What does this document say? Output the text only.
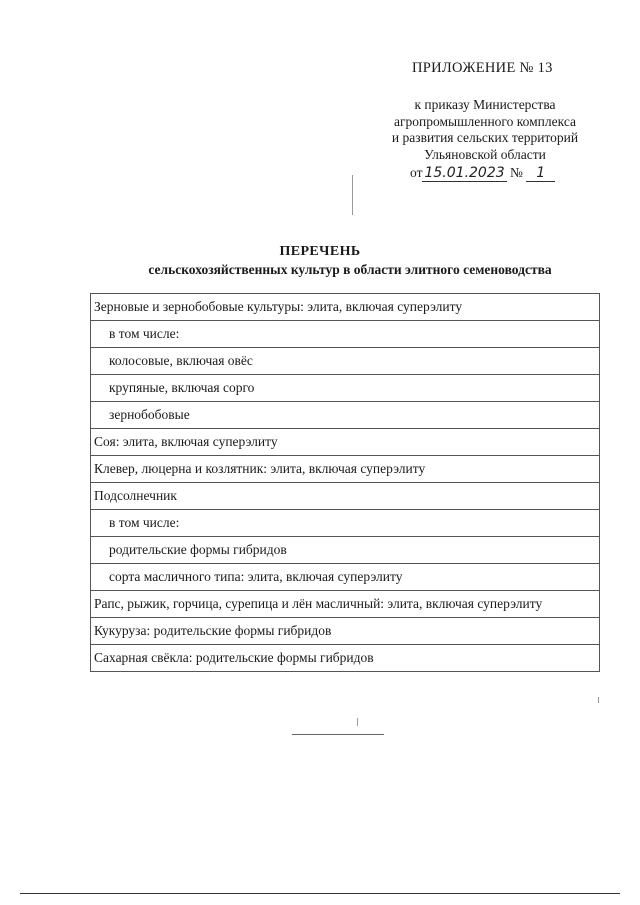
ПРИЛОЖЕНИЕ № 13
к приказу Министерства
агропромышленного комплекса
и развития сельских территорий
Ульяновской области
от 15.01.2023 № 1
ПЕРЕЧЕНЬ
сельскохозяйственных культур в области элитного семеноводства
Зерновые и зернобобовые культуры: элита, включая суперэлиту
в том числе:
колосовые, включая овёс
крупяные, включая сорго
зернобобовые
Соя: элита, включая суперэлиту
Клевер, люцерна и козлятник: элита, включая суперэлиту
Подсолнечник
в том числе:
родительские формы гибридов
сорта масличного типа: элита, включая суперэлиту
Рапс, рыжик, горчица, сурепица и лён масличный: элита, включая суперэлиту
Кукуруза: родительские формы гибридов
Сахарная свёкла: родительские формы гибридов
